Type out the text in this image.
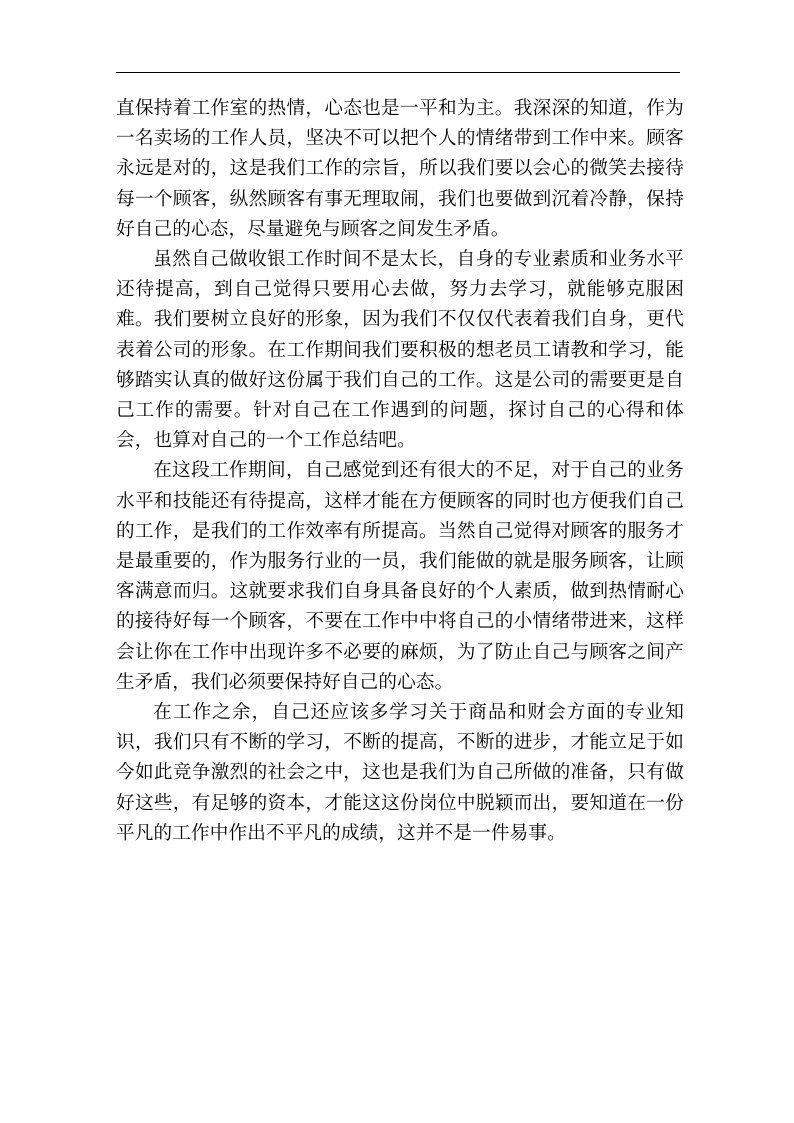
直保持着工作室的热情，心态也是一平和为主。我深深的知道，作为一名卖场的工作人员，坚决不可以把个人的情绪带到工作中来。顾客永远是对的，这是我们工作的宗旨，所以我们要以会心的微笑去接待每一个顾客，纵然顾客有事无理取闹，我们也要做到沉着冷静，保持好自己的心态，尽量避免与顾客之间发生矛盾。

虽然自己做收银工作时间不是太长，自身的专业素质和业务水平还待提高，到自己觉得只要用心去做，努力去学习，就能够克服困难。我们要树立良好的形象，因为我们不仅仅代表着我们自身，更代表着公司的形象。在工作期间我们要积极的想老员工请教和学习，能够踏实认真的做好这份属于我们自己的工作。这是公司的需要更是自己工作的需要。针对自己在工作遇到的问题，探讨自己的心得和体会，也算对自己的一个工作总结吧。

在这段工作期间，自己感觉到还有很大的不足，对于自己的业务水平和技能还有待提高，这样才能在方便顾客的同时也方便我们自己的工作，是我们的工作效率有所提高。当然自己觉得对顾客的服务才是最重要的，作为服务行业的一员，我们能做的就是服务顾客，让顾客满意而归。这就要求我们自身具备良好的个人素质，做到热情耐心的接待好每一个顾客，不要在工作中中将自己的小情绪带进来，这样会让你在工作中出现许多不必要的麻烦，为了防止自己与顾客之间产生矛盾，我们必须要保持好自己的心态。

在工作之余，自己还应该多学习关于商品和财会方面的专业知识，我们只有不断的学习，不断的提高，不断的进步，才能立足于如今如此竞争激烈的社会之中，这也是我们为自己所做的准备，只有做好这些，有足够的资本，才能这这份岗位中脱颖而出，要知道在一份平凡的工作中作出不平凡的成绩，这并不是一件易事。
